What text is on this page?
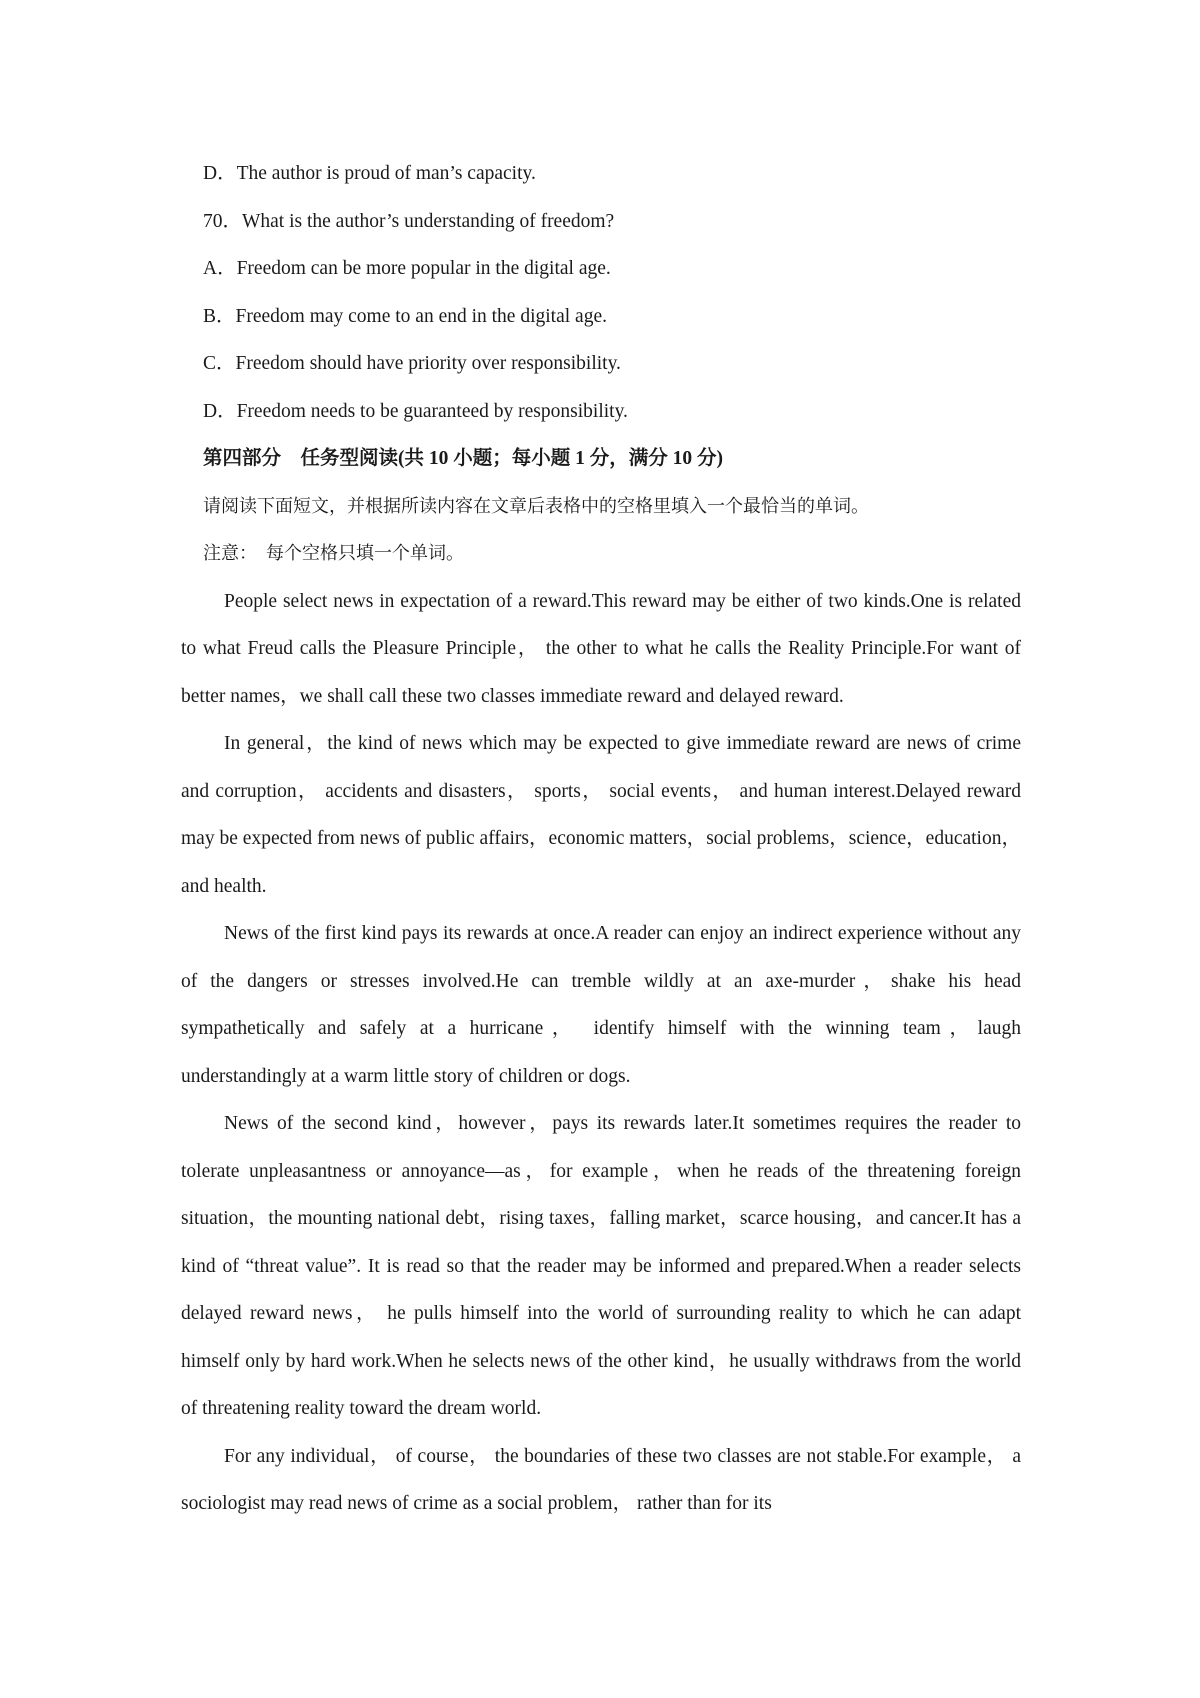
D．The author is proud of man’s capacity.

70．What is the author’s understanding of freedom?

A．Freedom can be more popular in the digital age.

B．Freedom may come to an end in the digital age.

C．Freedom should have priority over responsibility.

D．Freedom needs to be guaranteed by responsibility.

第四部分　任务型阅读(共 10 小题；每小题 1 分，满分 10 分)

请阅读下面短文，并根据所读内容在文章后表格中的空格里填入一个最恰当的单词。

注意：　每个空格只填一个单词。

People select news in expectation of a reward.This reward may be either of two kinds.One is related to what Freud calls the Pleasure Principle， the other to what he calls the Reality Principle.For want of better names，we shall call these two classes immediate reward and delayed reward.

In general，the kind of news which may be expected to give immediate reward are news of crime and corruption， accidents and disasters， sports， social events， and human interest.Delayed reward may be expected from news of public affairs，economic matters，social problems，science，education，and health.

News of the first kind pays its rewards at once.A reader can enjoy an indirect experience without any of the dangers or stresses involved.He can tremble wildly at an axe-murder，shake his head sympathetically and safely at a hurricane， identify himself with the winning team，laugh understandingly at a warm little story of children or dogs.

News of the second kind，however，pays its rewards later.It sometimes requires the reader to tolerate unpleasantness or annoyance—as，for example，when he reads of the threatening foreign situation，the mounting national debt，rising taxes，falling market，scarce housing，and cancer.It has a kind of “threat value”. It is read so that the reader may be informed and prepared.When a reader selects delayed reward news， he pulls himself into the world of surrounding reality to which he can adapt himself only by hard work.When he selects news of the other kind，he usually withdraws from the world of threatening reality toward the dream world.

For any individual， of course， the boundaries of these two classes are not stable.For example， a sociologist may read news of crime as a social problem， rather than for its
